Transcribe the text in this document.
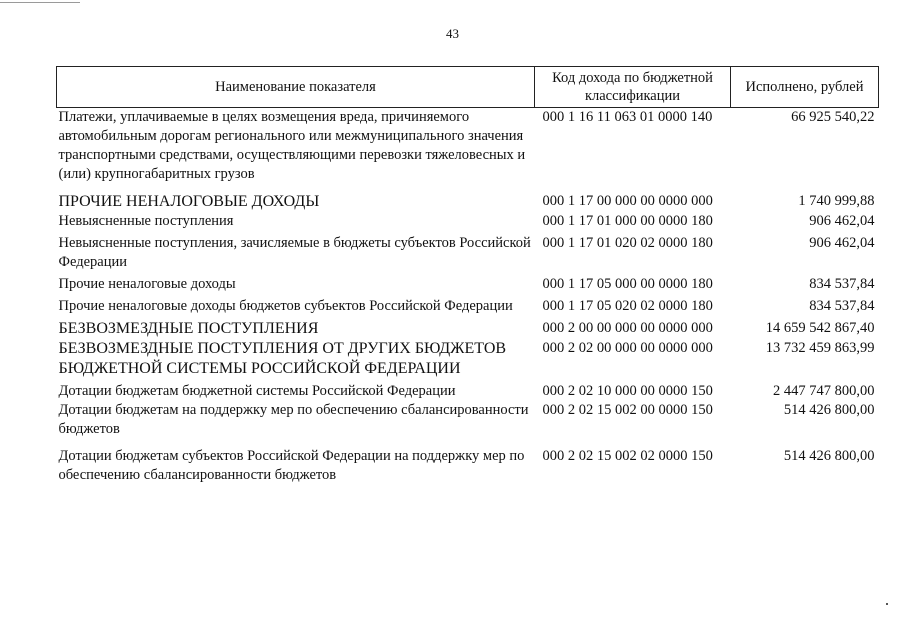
43
Наименование показателя	Код дохода по бюджетной классификации	Исполнено, рублей
Платежи, уплачиваемые в целях возмещения вреда, причиняемого автомобильным дорогам регионального или межмуниципального значения транспортными средствами, осуществляющими перевозки тяжеловесных и (или) крупногабаритных грузов	000 1 16 11 063 01 0000 140	66 925 540,22
ПРОЧИЕ НЕНАЛОГОВЫЕ ДОХОДЫ	000 1 17 00 000 00 0000 000	1 740 999,88
Невыясненные поступления	000 1 17 01 000 00 0000 180	906 462,04
Невыясненные поступления, зачисляемые в бюджеты субъектов Российской Федерации	000 1 17 01 020 02 0000 180	906 462,04
Прочие неналоговые доходы	000 1 17 05 000 00 0000 180	834 537,84
Прочие неналоговые доходы бюджетов субъектов Российской Федерации	000 1 17 05 020 02 0000 180	834 537,84
БЕЗВОЗМЕЗДНЫЕ ПОСТУПЛЕНИЯ	000 2 00 00 000 00 0000 000	14 659 542 867,40
БЕЗВОЗМЕЗДНЫЕ ПОСТУПЛЕНИЯ ОТ ДРУГИХ БЮДЖЕТОВ БЮДЖЕТНОЙ СИСТЕМЫ РОССИЙСКОЙ ФЕДЕРАЦИИ	000 2 02 00 000 00 0000 000	13 732 459 863,99
Дотации бюджетам бюджетной системы Российской Федерации	000 2 02 10 000 00 0000 150	2 447 747 800,00
Дотации бюджетам на поддержку мер по обеспечению сбалансированности бюджетов	000 2 02 15 002 00 0000 150	514 426 800,00
Дотации бюджетам субъектов Российской Федерации на поддержку мер по обеспечению сбалансированности бюджетов	000 2 02 15 002 02 0000 150	514 426 800,00
